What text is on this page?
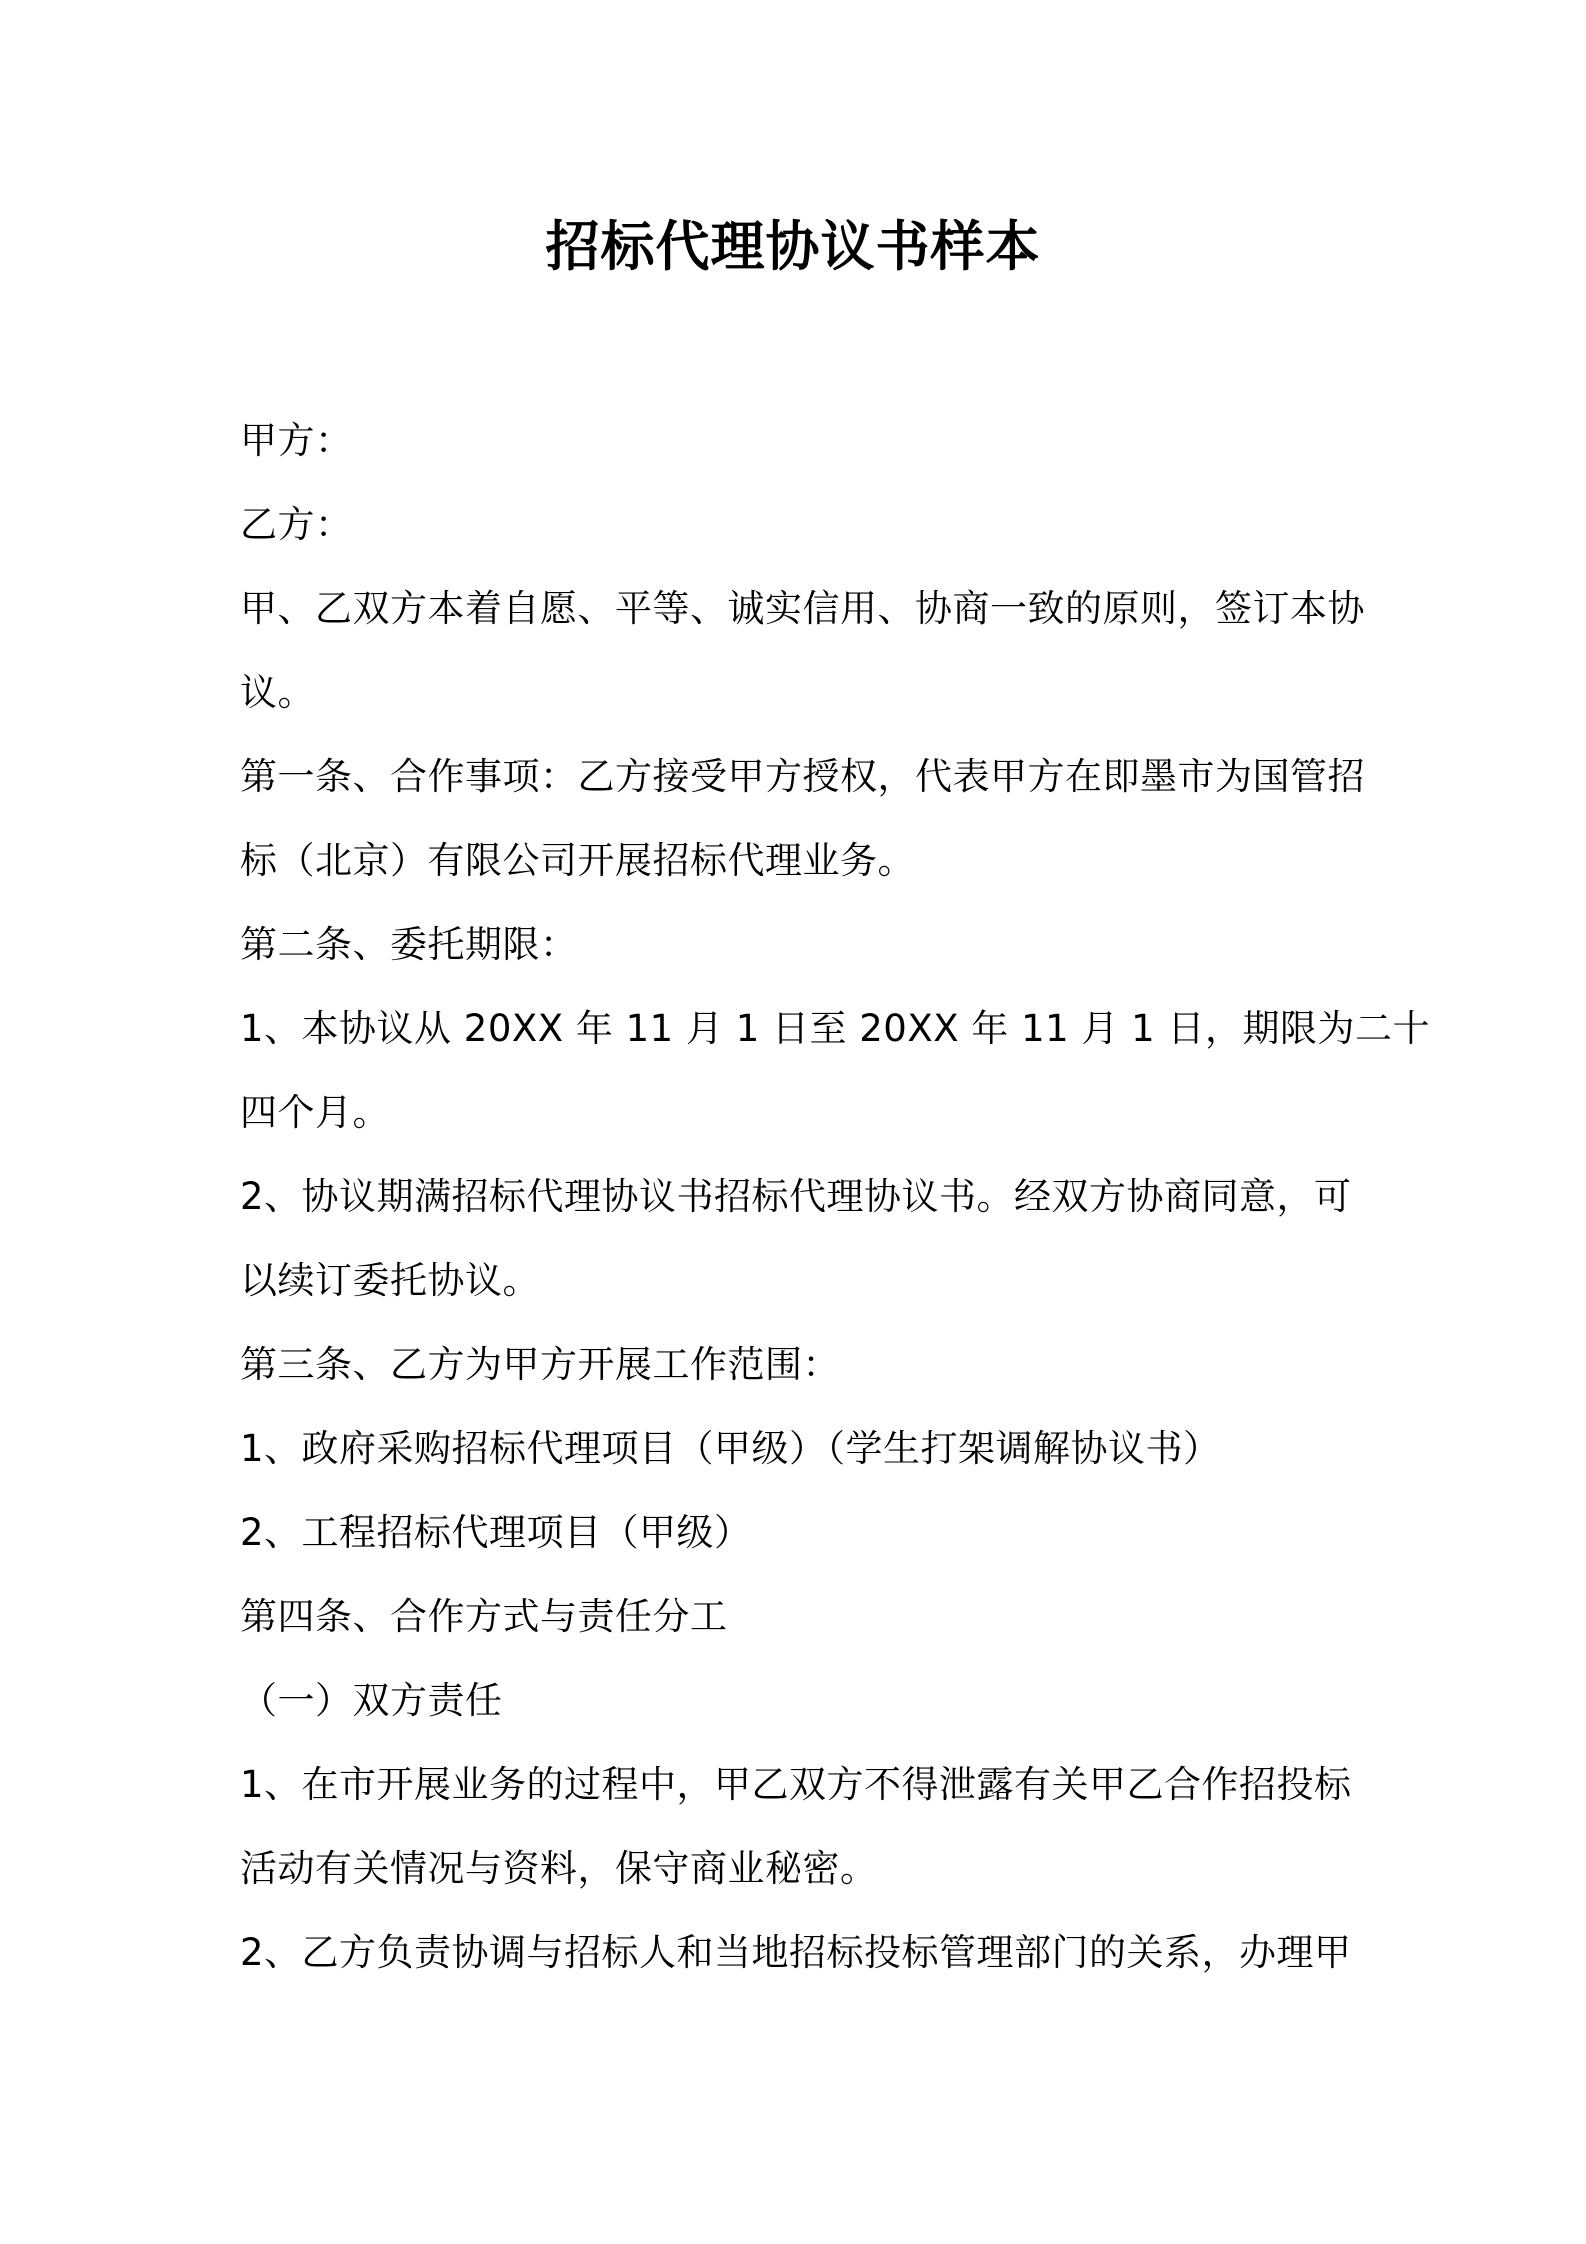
招标代理协议书样本
甲方：
乙方：
甲、乙双方本着自愿、平等、诚实信用、协商一致的原则，签订本协
议。
第一条、合作事项：乙方接受甲方授权，代表甲方在即墨市为国管招
标（北京）有限公司开展招标代理业务。
第二条、委托期限：
1、本协议从 20XX 年 11 月 1 日至 20XX 年 11 月 1 日，期限为二十
四个月。
2、协议期满招标代理协议书招标代理协议书。经双方协商同意，可
以续订委托协议。
第三条、乙方为甲方开展工作范围：
1、政府采购招标代理项目（甲级）（学生打架调解协议书）
2、工程招标代理项目（甲级）
第四条、合作方式与责任分工
（一）双方责任
1、在市开展业务的过程中，甲乙双方不得泄露有关甲乙合作招投标
活动有关情况与资料，保守商业秘密。
2、乙方负责协调与招标人和当地招标投标管理部门的关系，办理甲
